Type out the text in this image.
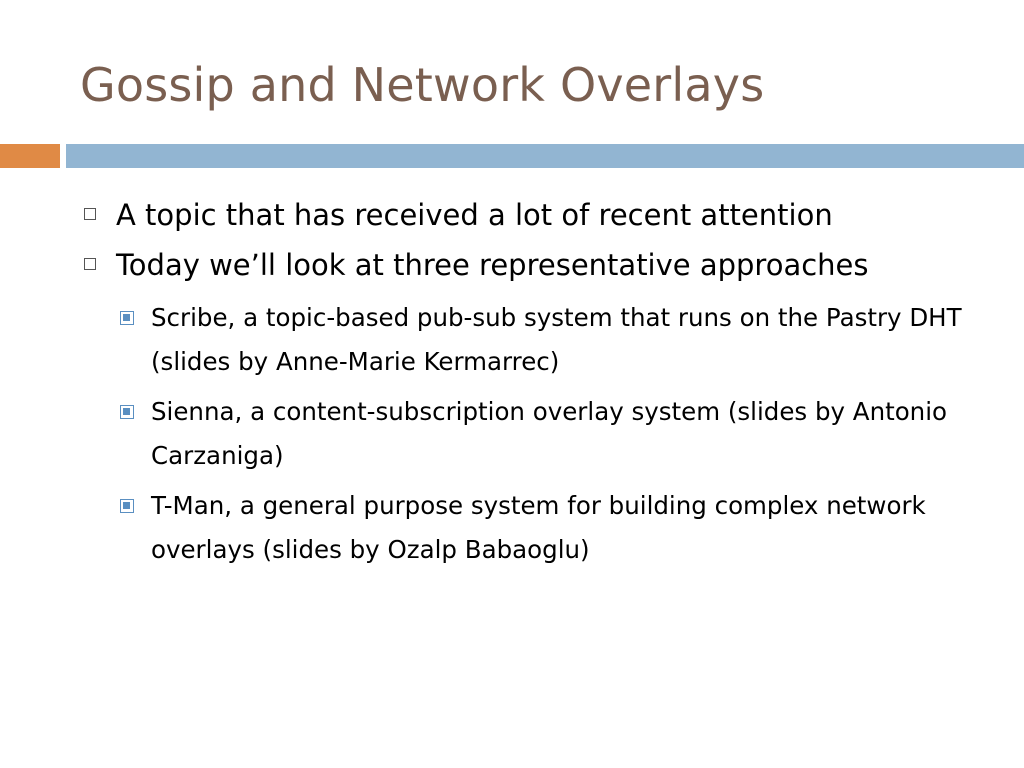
Gossip and Network Overlays
A topic that has received a lot of recent attention
Today we’ll look at three representative approaches
Scribe, a topic-based pub-sub system that runs on the Pastry DHT (slides by Anne-Marie Kermarrec)
Sienna, a content-subscription overlay system (slides by Antonio Carzaniga)
T-Man, a general purpose system for building complex network overlays (slides by Ozalp Babaoglu)
